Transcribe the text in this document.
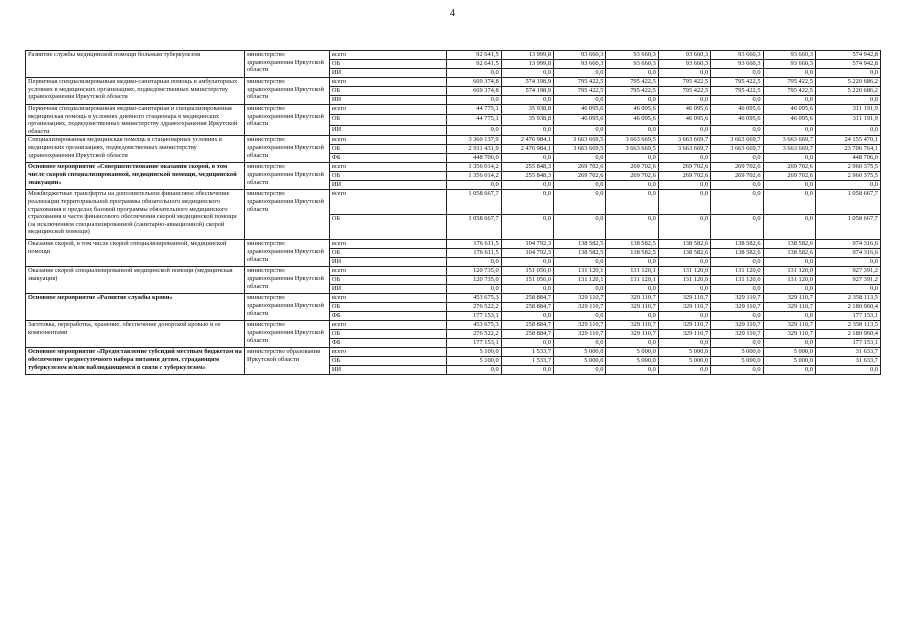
4
Развитие службы медицинской помощи больным туберкулезом	министерство здравоохранения Иркутской области	всего	92 641,5	13 999,8	93 660,3	93 660,3	93 660,3	93 660,3	93 660,3	574 942,8
		ОБ	92 641,5	13 999,8	93 660,3	93 660,3	93 660,3	93 660,3	93 660,3	574 942,8
		ИИ	0,0	0,0	0,0	0,0	0,0	0,0	0,0	0,0
Первичная специализированная медико-санитарная помощь в амбулаторных условиях в медицинских организациях, подведомственных министерству здравоохранения Иркутской области	министерство здравоохранения Иркутской области	всего	669 374,8	574 198,9	795 422,5	795 422,5	795 422,5	795 422,5	795 422,5	5 220 686,2
		ОБ	669 374,8	574 198,9	795 422,5	795 422,5	795 422,5	795 422,5	795 422,5	5 220 686,2
		ИИ	0,0	0,0	0,0	0,0	0,0	0,0	0,0	0,0
Первичная специализированная медико-санитарная и специализированная медицинская помощь в условиях дневного стационара в медицинских организациях, подведомственных министерству здравоохранения Иркутской области	министерство здравоохранения Иркутской области	всего	44 775,1	35 938,8	46 095,6	46 095,6	46 095,6	46 095,6	46 095,6	311 191,9
		ОБ	44 775,1	35 938,8	46 095,6	46 095,6	46 095,6	46 095,6	46 095,6	311 191,9
		ИИ	0,0	0,0	0,0	0,0	0,0	0,0	0,0	0,0
Специализированная медицинская помощь в стационарных условиях в медицинских организациях, подведомственных министерству здравоохранения Иркутской области	министерство здравоохранения Иркутской области	всего	3 360 137,9	2 476 984,1	3 663 669,5	3 663 669,5	3 663 669,7	3 663 669,7	3 663 669,7	24 155 470,1
		ОБ	2 911 431,9	2 476 984,1	3 663 669,5	3 663 669,5	3 663 669,7	3 663 669,7	3 663 669,7	23 706 764,1
		ФБ	448 706,0	0,0	0,0	0,0	0,0	0,0	0,0	448 706,0
Основное мероприятие «Совершенствование оказания скорой, в том числе скорой специализированной, медицинской помощи, медицинской эвакуации»	министерство здравоохранения Иркутской области	всего	1 356 014,2	255 848,3	269 702,6	269 702,6	269 702,6	269 702,6	269 702,6	2 960 375,5
		ОБ	1 356 014,2	255 848,3	269 702,6	269 702,6	269 702,6	269 702,6	269 702,6	2 960 375,5
		ИИ	0,0	0,0	0,0	0,0	0,0	0,0	0,0	0,0
Межбюджетные трансферты на дополнительное финансовое обеспечение реализации территориальной программы обязательного медицинского страхования в пределах базовой программы обязательного медицинского страхования в части финансового обеспечения скорой медицинской помощи (за исключением специализированной (санитарно-авиационной) скорой медицинской помощи)	министерство здравоохранения Иркутской области	всего	1 058 667,7	0,0	0,0	0,0	0,0	0,0	0,0	1 058 667,7
		ОБ	1 058 667,7	0,0	0,0	0,0	0,0	0,0	0,0	1 058 667,7
Оказание скорой, в том числе скорой специализированной, медицинской помощи	министерство здравоохранения Иркутской области	всего	176 611,5	104 792,3	138 582,5	138 582,5	138 582,6	138 582,6	138 582,6	974 316,6
		ОБ	176 611,5	104 792,3	138 582,5	138 582,5	138 582,6	138 582,6	138 582,6	974 316,6
		ИИ	0,0	0,0	0,0	0,0	0,0	0,0	0,0	0,0
Оказание скорой специализированной медицинской помощи (медицинская эвакуация)	министерство здравоохранения Иркутской области	всего	120 735,0	151 056,0	131 120,1	131 120,1	131 120,0	131 120,0	131 120,0	927 391,2
		ОБ	120 735,0	151 056,0	131 120,1	131 120,1	131 120,0	131 120,0	131 120,0	927 391,2
		ИИ	0,0	0,0	0,0	0,0	0,0	0,0	0,0	0,0
Основное мероприятие «Развитие службы крови»	министерство здравоохранения Иркутской области	всего	453 675,3	258 884,7	329 110,7	329 110,7	329 110,7	329 110,7	329 110,7	2 358 113,5
		ОБ	276 522,2	258 884,7	329 110,7	329 110,7	329 110,7	329 110,7	329 110,7	2 180 960,4
		ФБ	177 153,1	0,0	0,0	0,0	0,0	0,0	0,0	177 153,1
Заготовка, переработка, хранение, обеспечение донорской кровью и ее компонентами	министерство здравоохранения Иркутской области	всего	453 675,3	258 884,7	329 110,7	329 110,7	329 110,7	329 110,7	329 110,7	2 358 113,5
		ОБ	276 522,2	258 884,7	329 110,7	329 110,7	329 110,7	329 110,7	329 110,7	2 180 960,4
		ФБ	177 153,1	0,0	0,0	0,0	0,0	0,0	0,0	177 153,1
Основное мероприятие «Предоставление субсидий местным бюджетам на обеспечение среднесуточного набора питания детям, страдающим туберкулезом и/или наблюдающимся в связи с туберкулезом»	министерство образования Иркутской области	всего	5 100,0	1 533,7	5 000,0	5 000,0	5 000,0	5 000,0	5 000,0	31 633,7
		ОБ	5 100,0	1 533,7	5 000,0	5 000,0	5 000,0	5 000,0	5 000,0	31 633,7
		ИИ	0,0	0,0	0,0	0,0	0,0	0,0	0,0	0,0
